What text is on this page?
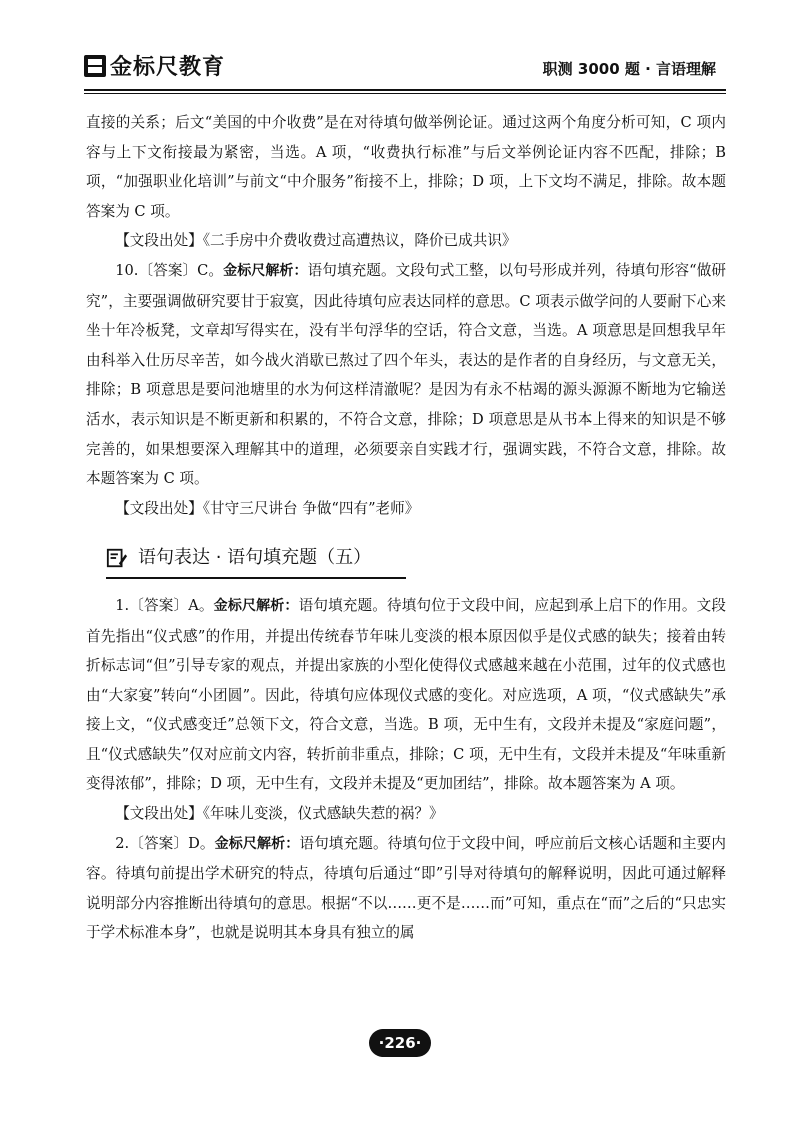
金标尺教育	职测 3000 题 · 言语理解

直接的关系；后文“美国的中介收费”是在对待填句做举例论证。通过这两个角度分析可知，C 项内容与上下文衔接最为紧密，当选。A 项，“收费执行标准”与后文举例论证内容不匹配，排除；B 项，“加强职业化培训”与前文“中介服务”衔接不上，排除；D 项，上下文均不满足，排除。故本题答案为 C 项。

【文段出处】《二手房中介费收费过高遭热议，降价已成共识》

10.〔答案〕C。金标尺解析：语句填充题。文段句式工整，以句号形成并列，待填句形容“做研究”，主要强调做研究要甘于寂寞，因此待填句应表达同样的意思。C 项表示做学问的人要耐下心来坐十年冷板凳，文章却写得实在，没有半句浮华的空话，符合文意，当选。A 项意思是回想我早年由科举入仕历尽辛苦，如今战火消歇已熬过了四个年头，表达的是作者的自身经历，与文意无关，排除；B 项意思是要问池塘里的水为何这样清澈呢？是因为有永不枯竭的源头源源不断地为它输送活水，表示知识是不断更新和积累的，不符合文意，排除；D 项意思是从书本上得来的知识是不够完善的，如果想要深入理解其中的道理，必须要亲自实践才行，强调实践，不符合文意，排除。故本题答案为 C 项。

【文段出处】《甘守三尺讲台 争做“四有”老师》

语句表达 · 语句填充题（五）

1.〔答案〕A。金标尺解析：语句填充题。待填句位于文段中间，应起到承上启下的作用。文段首先指出“仪式感”的作用，并提出传统春节年味儿变淡的根本原因似乎是仪式感的缺失；接着由转折标志词“但”引导专家的观点，并提出家族的小型化使得仪式感越来越在小范围，过年的仪式感也由“大家宴”转向“小团圆”。因此，待填句应体现仪式感的变化。对应选项，A 项，“仪式感缺失”承接上文，“仪式感变迁”总领下文，符合文意，当选。B 项，无中生有，文段并未提及“家庭问题”，且“仪式感缺失”仅对应前文内容，转折前非重点，排除；C 项，无中生有，文段并未提及“年味重新变得浓郁”，排除；D 项，无中生有，文段并未提及“更加团结”，排除。故本题答案为 A 项。

【文段出处】《年味儿变淡，仪式感缺失惹的祸？》

2.〔答案〕D。金标尺解析：语句填充题。待填句位于文段中间，呼应前后文核心话题和主要内容。待填句前提出学术研究的特点，待填句后通过“即”引导对待填句的解释说明，因此可通过解释说明部分内容推断出待填句的意思。根据“不以……更不是……而”可知，重点在“而”之后的“只忠实于学术标准本身”，也就是说明其本身具有独立的属

·226·
